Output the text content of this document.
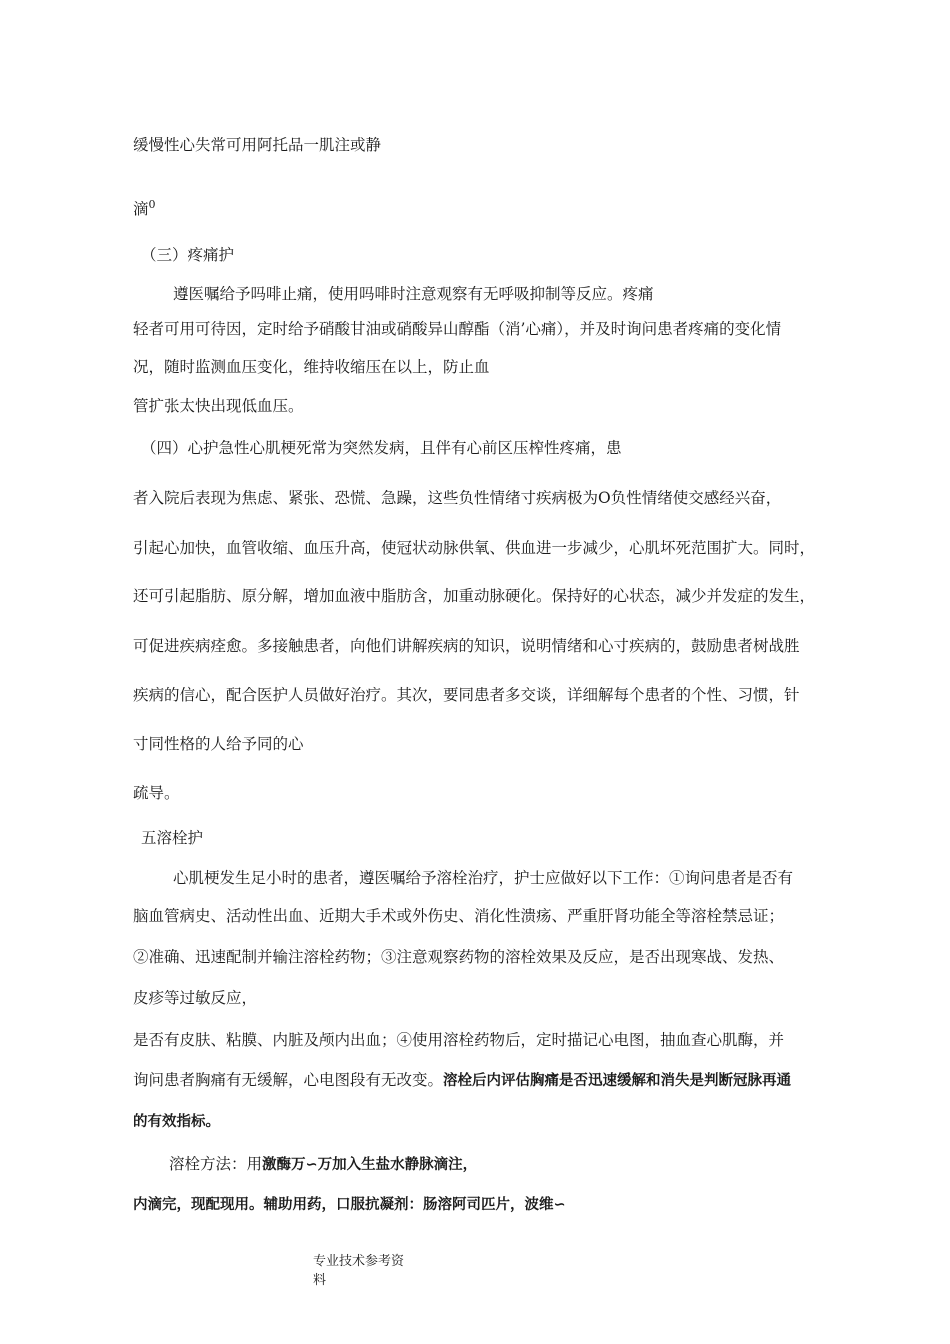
缓慢性心失常可用阿托品一肌注或静
滴$^0$
（三）疼痛护
遵医嘱给予吗啡止痛，使用吗啡时注意观察有无呼吸抑制等反应。疼痛
轻者可用可待因，定时给予硝酸甘油或硝酸异山醇酯（消’心痛），并及时询问患者疼痛的变化情
况，随时监测血压变化，维持收缩压在以上，防止血
管扩张太快出现低血压。
（四）心护急性心肌梗死常为突然发病，且伴有心前区压榨性疼痛，患
者入院后表现为焦虑、紧张、恐慌、急躁，这些负性情绪寸疾病极为O负性情绪使交感经兴奋，
引起心加快，血管收缩、血压升高，使冠状动脉供氧、供血进一步减少，心肌坏死范围扩大。同时，
还可引起脂肪、原分解，增加血液中脂肪含，加重动脉硬化。保持好的心状态，减少并发症的发生，
可促进疾病痊愈。多接触患者，向他们讲解疾病的知识，说明情绪和心寸疾病的，鼓励患者树战胜
疾病的信心，配合医护人员做好治疗。其次，要同患者多交谈，详细解每个患者的个性、习惯，针
寸同性格的人给予同的心
疏导。
五溶栓护
心肌梗发生足小时的患者，遵医嘱给予溶栓治疗，护士应做好以下工作：①询问患者是否有
脑血管病史、活动性出血、近期大手术或外伤史、消化性溃疡、严重肝肾功能全等溶栓禁忌证；
②准确、迅速配制并输注溶栓药物；③注意观察药物的溶栓效果及反应，是否出现寒战、发热、
皮疹等过敏反应，
是否有皮肤、粘膜、内脏及颅内出血；④使用溶栓药物后，定时描记心电图，抽血查心肌酶，并
询问患者胸痛有无缓解，心电图段有无改变。溶栓后内评估胸痛是否迅速缓解和消失是判断冠脉再通
的有效指标。
溶栓方法：用激酶万∽万加入生盐水静脉滴注，
内滴完，现配现用。辅助用药，口服抗凝剂：肠溶阿司匹片，波维∽
专业技术参考资
料
